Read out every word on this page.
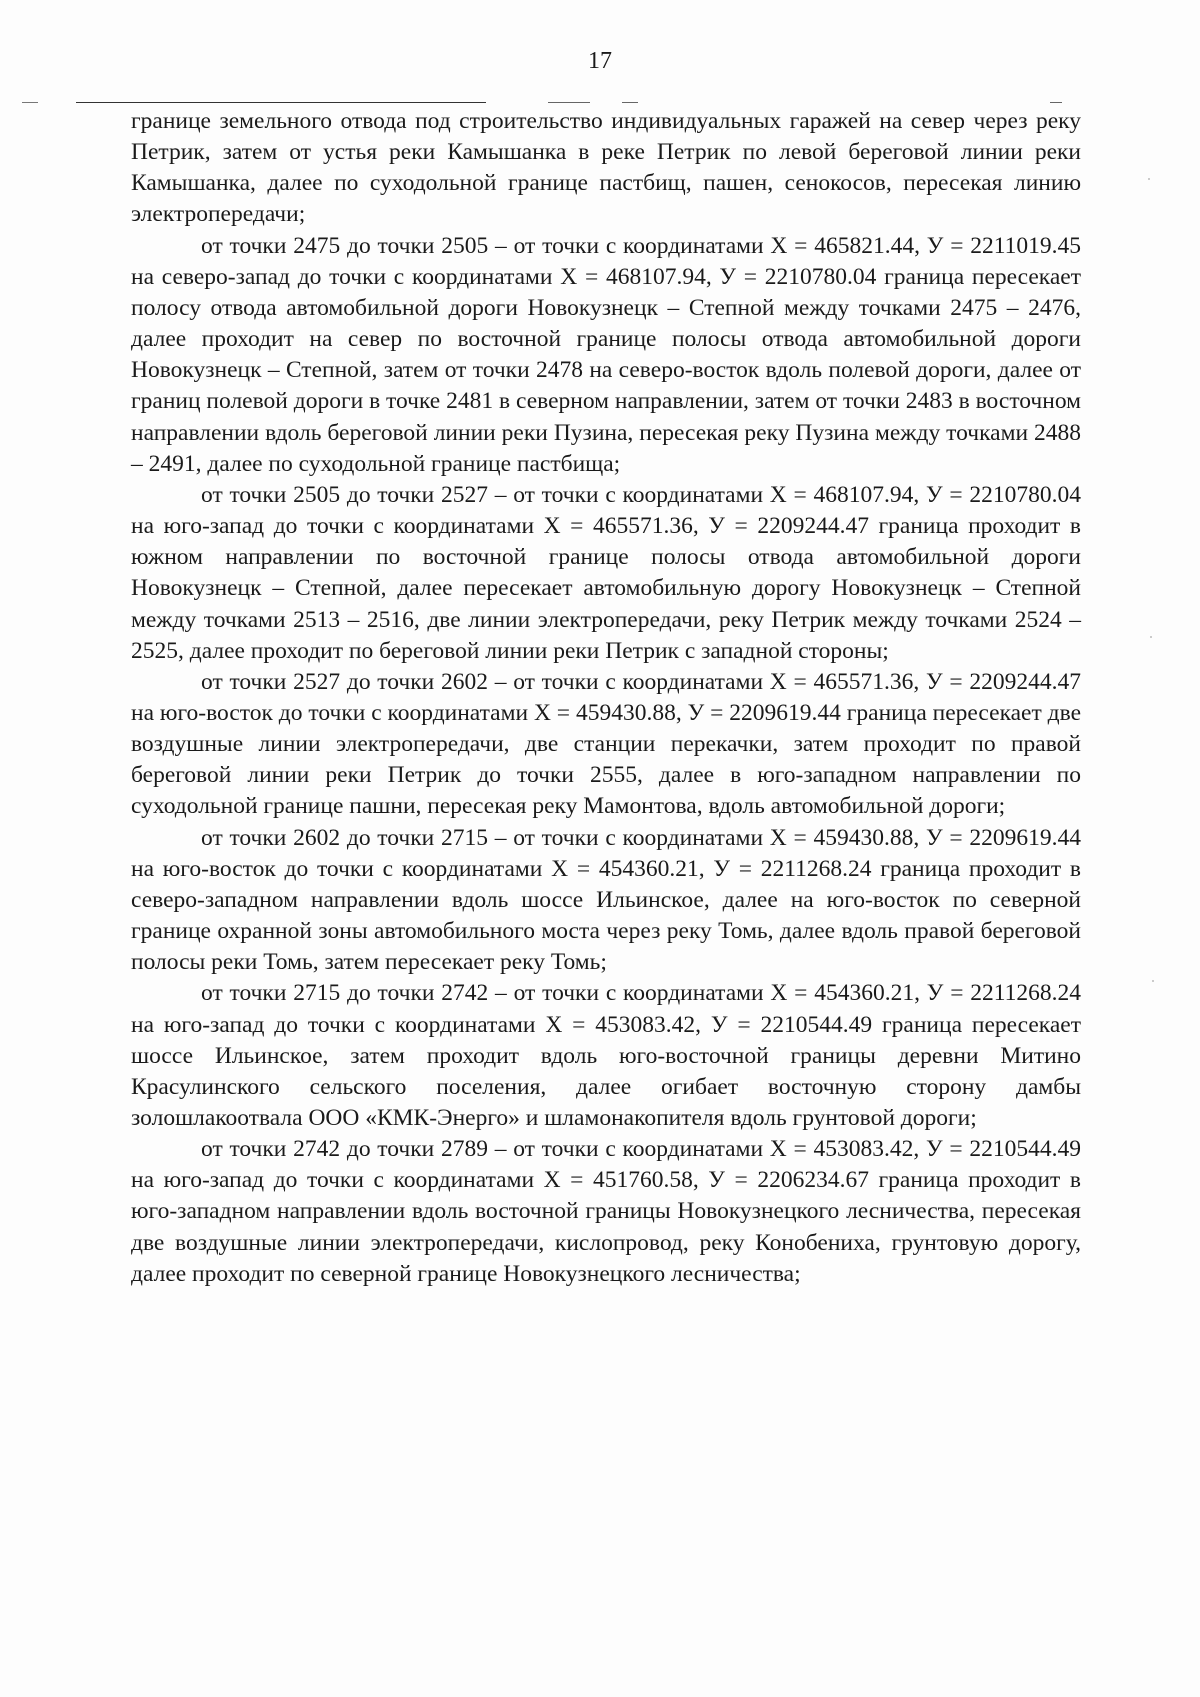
17

границе земельного отвода под строительство индивидуальных гаражей на север через реку Петрик, затем от устья реки Камышанка в реке Петрик по левой береговой линии реки Камышанка, далее по суходольной границе пастбищ, пашен, сенокосов, пересекая линию электропередачи;

от точки 2475 до точки 2505 – от точки с координатами Х = 465821.44, У = 2211019.45 на северо-запад до точки с координатами Х = 468107.94, У = 2210780.04 граница пересекает полосу отвода автомобильной дороги Новокузнецк – Степной между точками 2475 – 2476, далее проходит на север по восточной границе полосы отвода автомобильной дороги Новокузнецк – Степной, затем от точки 2478 на северо-восток вдоль полевой дороги, далее от границ полевой дороги в точке 2481 в северном направлении, затем от точки 2483 в восточном направлении вдоль береговой линии реки Пузина, пересекая реку Пузина между точками 2488 – 2491, далее по суходольной границе пастбища;

от точки 2505 до точки 2527 – от точки с координатами Х = 468107.94, У = 2210780.04 на юго-запад до точки с координатами Х = 465571.36, У = 2209244.47 граница проходит в южном направлении по восточной границе полосы отвода автомобильной дороги Новокузнецк – Степной, далее пересекает автомобильную дорогу Новокузнецк – Степной между точками 2513 – 2516, две линии электропередачи, реку Петрик между точками 2524 – 2525, далее проходит по береговой линии реки Петрик с западной стороны;

от точки 2527 до точки 2602 – от точки с координатами Х = 465571.36, У = 2209244.47 на юго-восток до точки с координатами Х = 459430.88, У = 2209619.44 граница пересекает две воздушные линии электропередачи, две станции перекачки, затем проходит по правой береговой линии реки Петрик до точки 2555, далее в юго-западном направлении по суходольной границе пашни, пересекая реку Мамонтова, вдоль автомобильной дороги;

от точки 2602 до точки 2715 – от точки с координатами Х = 459430.88, У = 2209619.44 на юго-восток до точки с координатами Х = 454360.21, У = 2211268.24 граница проходит в северо-западном направлении вдоль шоссе Ильинское, далее на юго-восток по северной границе охранной зоны автомобильного моста через реку Томь, далее вдоль правой береговой полосы реки Томь, затем пересекает реку Томь;

от точки 2715 до точки 2742 – от точки с координатами Х = 454360.21, У = 2211268.24 на юго-запад до точки с координатами Х = 453083.42, У = 2210544.49 граница пересекает шоссе Ильинское, затем проходит вдоль юго-восточной границы деревни Митино Красулинского сельского поселения, далее огибает восточную сторону дамбы золошлакоотвала ООО «КМК-Энерго» и шламонакопителя вдоль грунтовой дороги;

от точки 2742 до точки 2789 – от точки с координатами Х = 453083.42, У = 2210544.49 на юго-запад до точки с координатами Х = 451760.58, У = 2206234.67 граница проходит в юго-западном направлении вдоль восточной границы Новокузнецкого лесничества, пересекая две воздушные линии электропередачи, кислопровод, реку Конобениха, грунтовую дорогу, далее проходит по северной границе Новокузнецкого лесничества;
